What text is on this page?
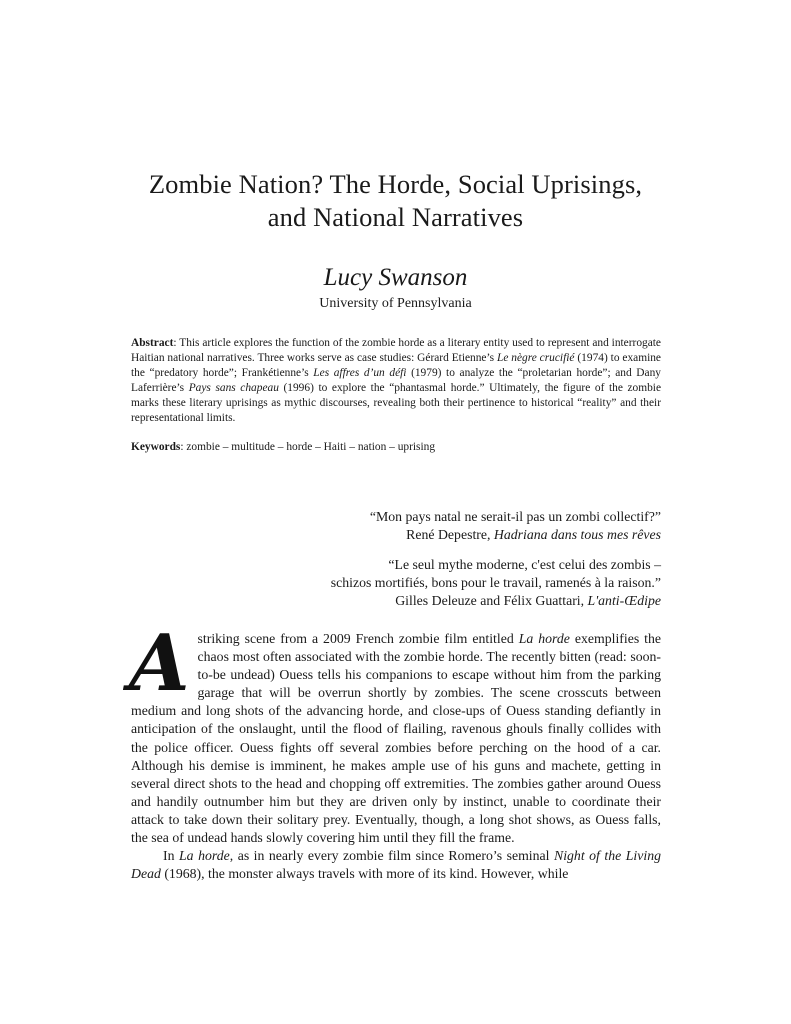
Zombie Nation? The Horde, Social Uprisings,
and National Narratives

Lucy Swanson

University of Pennsylvania

Abstract: This article explores the function of the zombie horde as a literary entity used to represent and interrogate Haitian national narratives. Three works serve as case studies: Gérard Etienne’s Le nègre crucifié (1974) to examine the “predatory horde”; Frankétienne’s Les affres d’un défi (1979) to analyze the “proletarian horde”; and Dany Laferrière’s Pays sans chapeau (1996) to explore the “phantasmal horde.” Ultimately, the figure of the zombie marks these literary uprisings as mythic discourses, revealing both their pertinence to historical “reality” and their representational limits.

Keywords: zombie – multitude – horde – Haiti – nation – uprising

“Mon pays natal ne serait-il pas un zombi collectif?”
René Depestre, Hadriana dans tous mes rêves

“Le seul mythe moderne, c'est celui des zombis –
schizos mortifiés, bons pour le travail, ramenés à la raison.”
Gilles Deleuze and Félix Guattari, L'anti-Œdipe

A striking scene from a 2009 French zombie film entitled La horde exemplifies the chaos most often associated with the zombie horde. The recently bitten (read: soon-to-be undead) Ouess tells his companions to escape without him from the parking garage that will be overrun shortly by zombies. The scene crosscuts between medium and long shots of the advancing horde, and close-ups of Ouess standing defiantly in anticipation of the onslaught, until the flood of flailing, ravenous ghouls finally collides with the police officer. Ouess fights off several zombies before perching on the hood of a car. Although his demise is imminent, he makes ample use of his guns and machete, getting in several direct shots to the head and chopping off extremities. The zombies gather around Ouess and handily outnumber him but they are driven only by instinct, unable to coordinate their attack to take down their solitary prey. Eventually, though, a long shot shows, as Ouess falls, the sea of undead hands slowly covering him until they fill the frame.

In La horde, as in nearly every zombie film since Romero’s seminal Night of the Living Dead (1968), the monster always travels with more of its kind. However, while
